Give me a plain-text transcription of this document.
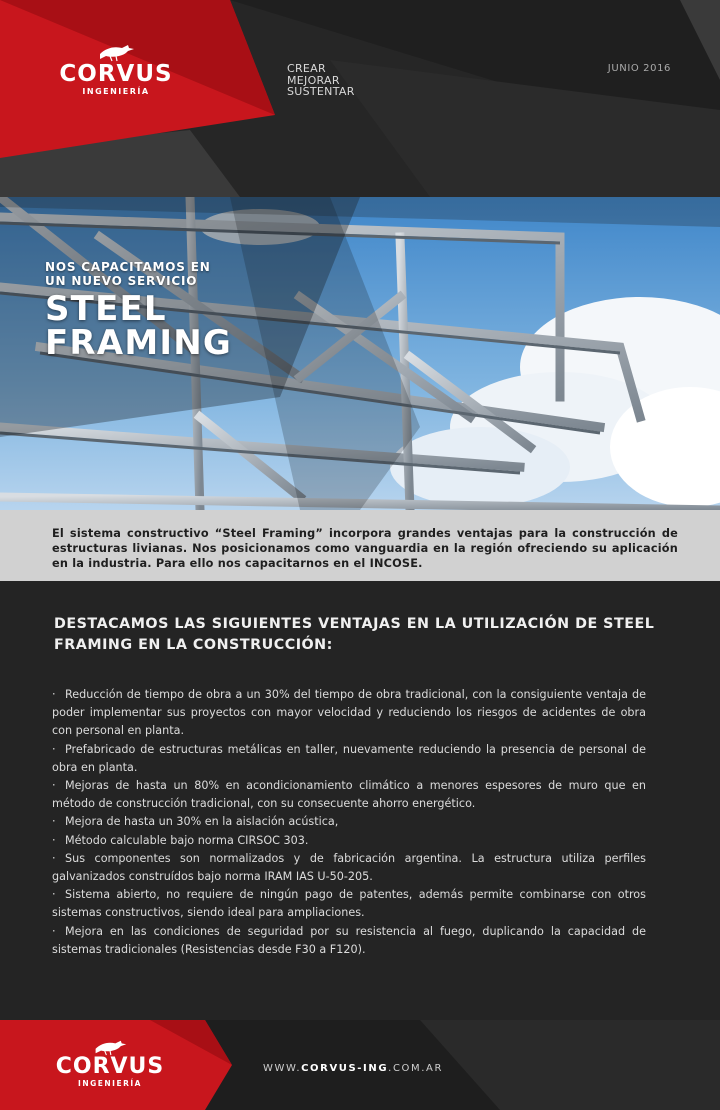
CORVUS
INGENIERÍA
CREAR
MEJORAR
SUSTENTAR
JUNIO 2016
NOS CAPACITAMOS EN UN NUEVO SERVICIO
STEEL
FRAMING

El sistema constructivo “Steel Framing” incorpora grandes ventajas para la construcción de estructuras livianas. Nos posicionamos como vanguardia en la región ofreciendo su aplicación en la industria. Para ello nos capacitarnos en el INCOSE.

DESTACAMOS LAS SIGUIENTES VENTAJAS EN LA UTILIZACIÓN DE STEEL FRAMING EN LA CONSTRUCCIÓN:
· Reducción de tiempo de obra a un 30% del tiempo de obra tradicional, con la consiguiente ventaja de poder implementar sus proyectos con mayor velocidad y reduciendo los riesgos de acidentes de obra con personal en planta.
· Prefabricado de estructuras metálicas en taller, nuevamente reduciendo la presencia de personal de obra en planta.
· Mejoras de hasta un 80% en acondicionamiento climático a menores espesores de muro que en método de construcción tradicional, con su consecuente ahorro energético.
· Mejora de hasta un 30% en la aislación acústica,
· Método calculable bajo norma CIRSOC 303.
· Sus componentes son normalizados y de fabricación argentina. La estructura utiliza perfiles galvanizados construídos bajo norma IRAM IAS U-50-205.
· Sistema abierto, no requiere de ningún pago de patentes, además permite combinarse con otros sistemas constructivos, siendo ideal para ampliaciones.
· Mejora en las condiciones de seguridad por su resistencia al fuego, duplicando la capacidad de sistemas tradicionales (Resistencias desde F30 a F120).
CORVUS
INGENIERÍA
WWW.CORVUS-ING.COM.AR
